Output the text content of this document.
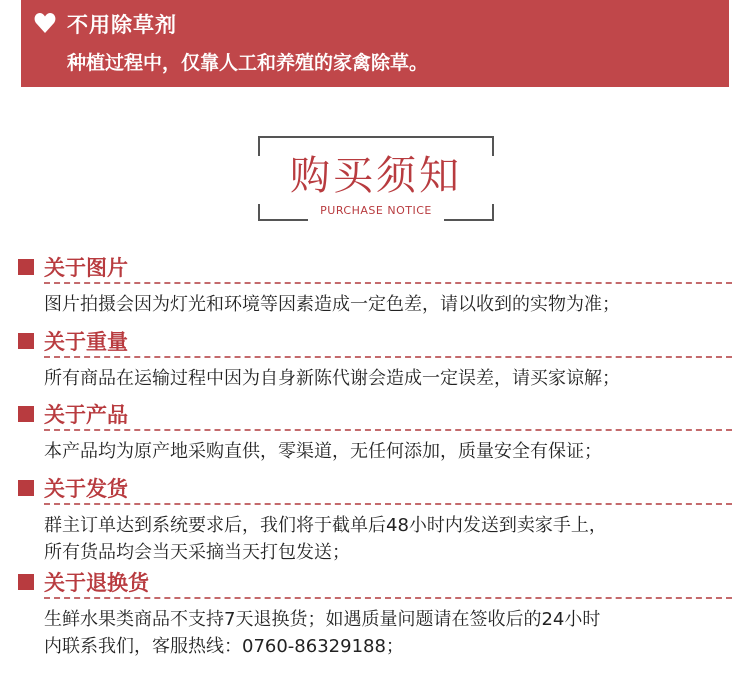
不用除草剂
种植过程中，仅靠人工和养殖的家禽除草。
购买须知
PURCHASE NOTICE
关于图片
图片拍摄会因为灯光和环境等因素造成一定色差，请以收到的实物为准；
关于重量
所有商品在运输过程中因为自身新陈代谢会造成一定误差，请买家谅解；
关于产品
本产品均为原产地采购直供，零渠道，无任何添加，质量安全有保证；
关于发货
群主订单达到系统要求后，我们将于截单后48小时内发送到卖家手上，
所有货品均会当天采摘当天打包发送；
关于退换货
生鲜水果类商品不支持7天退换货；如遇质量问题请在签收后的24小时
内联系我们，客服热线：0760-86329188；
